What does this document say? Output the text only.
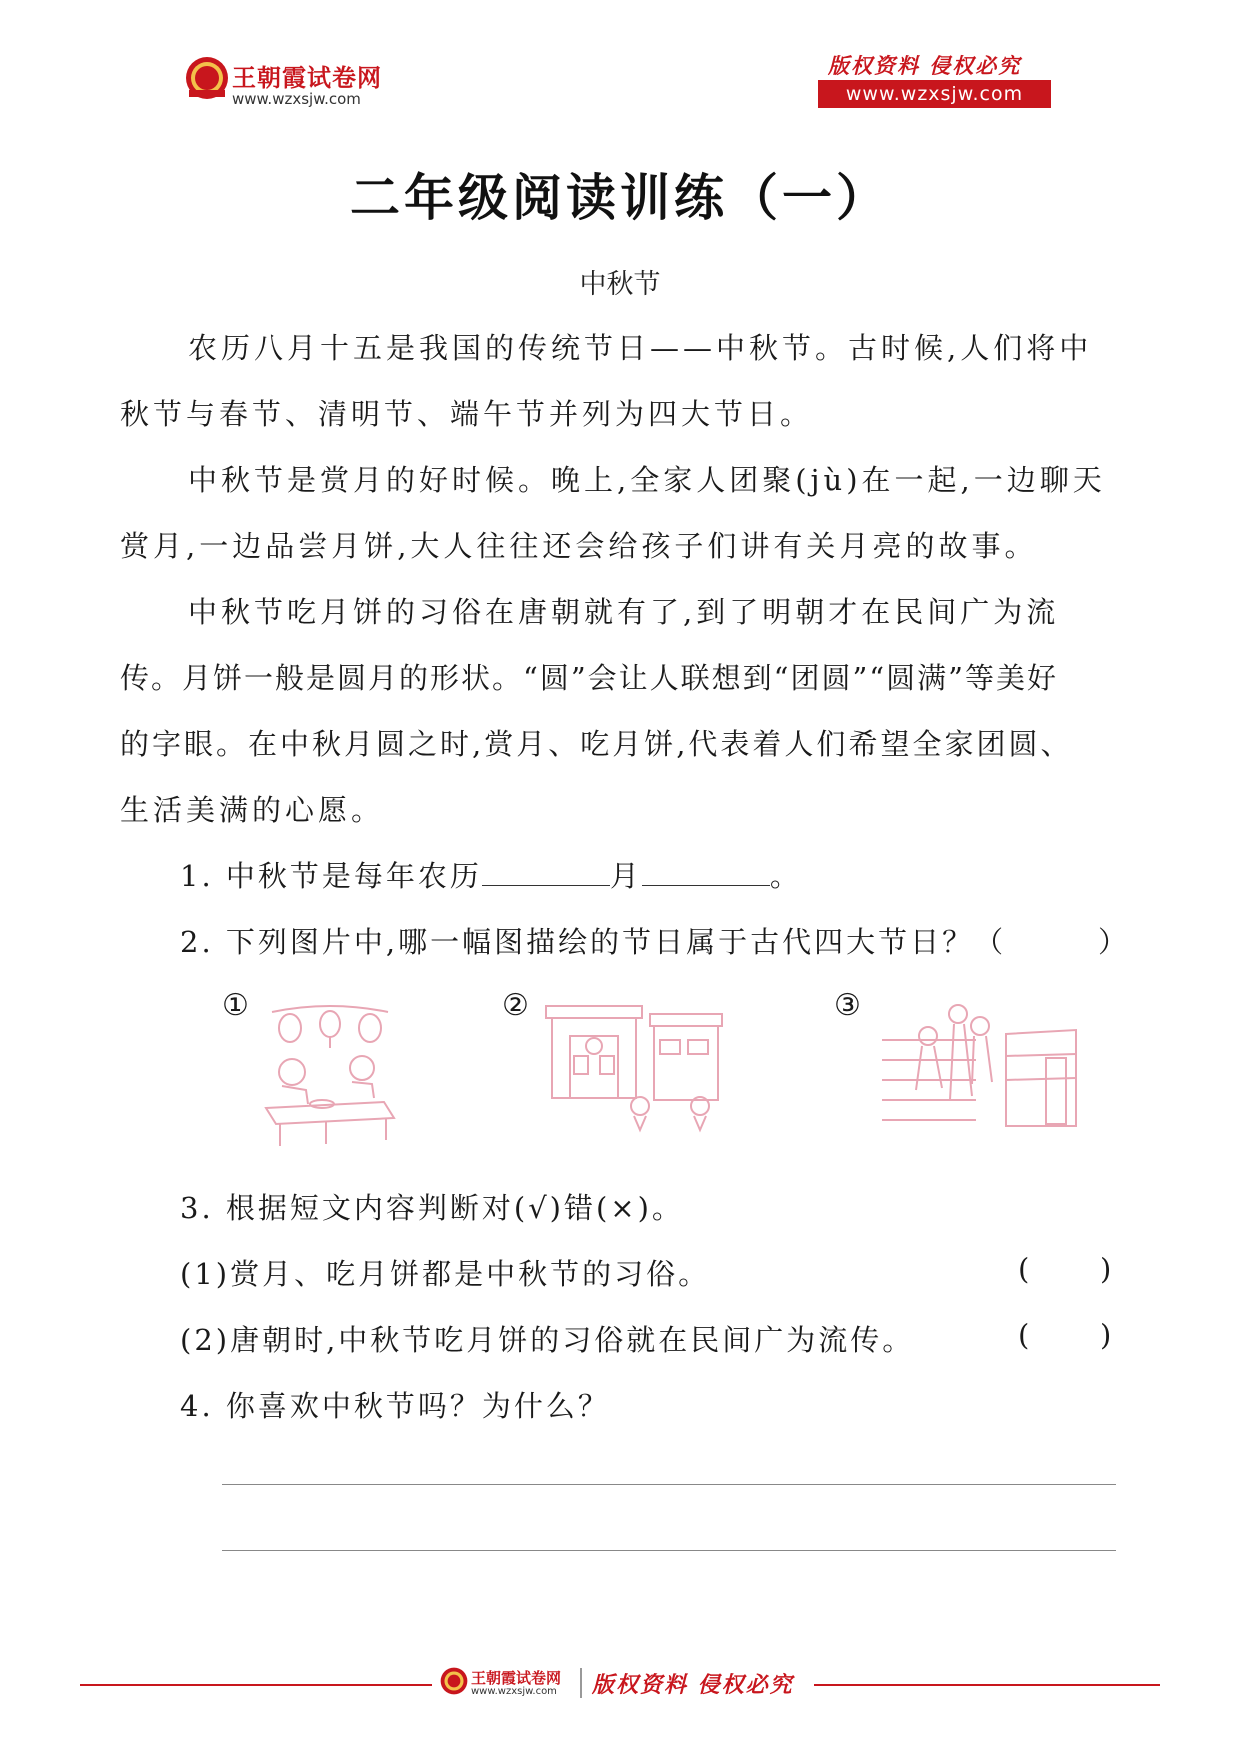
王朝霞试卷网
www.wzxsjw.com
版权资料 侵权必究
www.wzxsjw.com
二年级阅读训练（一）
中秋节
农历八月十五是我国的传统节日——中秋节。古时候,人们将中
秋节与春节、清明节、端午节并列为四大节日。
中秋节是赏月的好时候。晚上,全家人团聚(jù)在一起,一边聊天
赏月,一边品尝月饼,大人往往还会给孩子们讲有关月亮的故事。
中秋节吃月饼的习俗在唐朝就有了,到了明朝才在民间广为流
传。月饼一般是圆月的形状。“圆”会让人联想到“团圆”“圆满”等美好
的字眼。在中秋月圆之时,赏月、吃月饼,代表着人们希望全家团圆、
生活美满的心愿。
1. 中秋节是每年农历	月	。
2. 下列图片中,哪一幅图描绘的节日属于古代四大节日？（	）
①	②	③
3. 根据短文内容判断对(√)错(×)。
(1)赏月、吃月饼都是中秋节的习俗。	( )
(2)唐朝时,中秋节吃月饼的习俗就在民间广为流传。	( )
4. 你喜欢中秋节吗？为什么？
王朝霞试卷网
www.wzxsjw.com 版权资料 侵权必究
